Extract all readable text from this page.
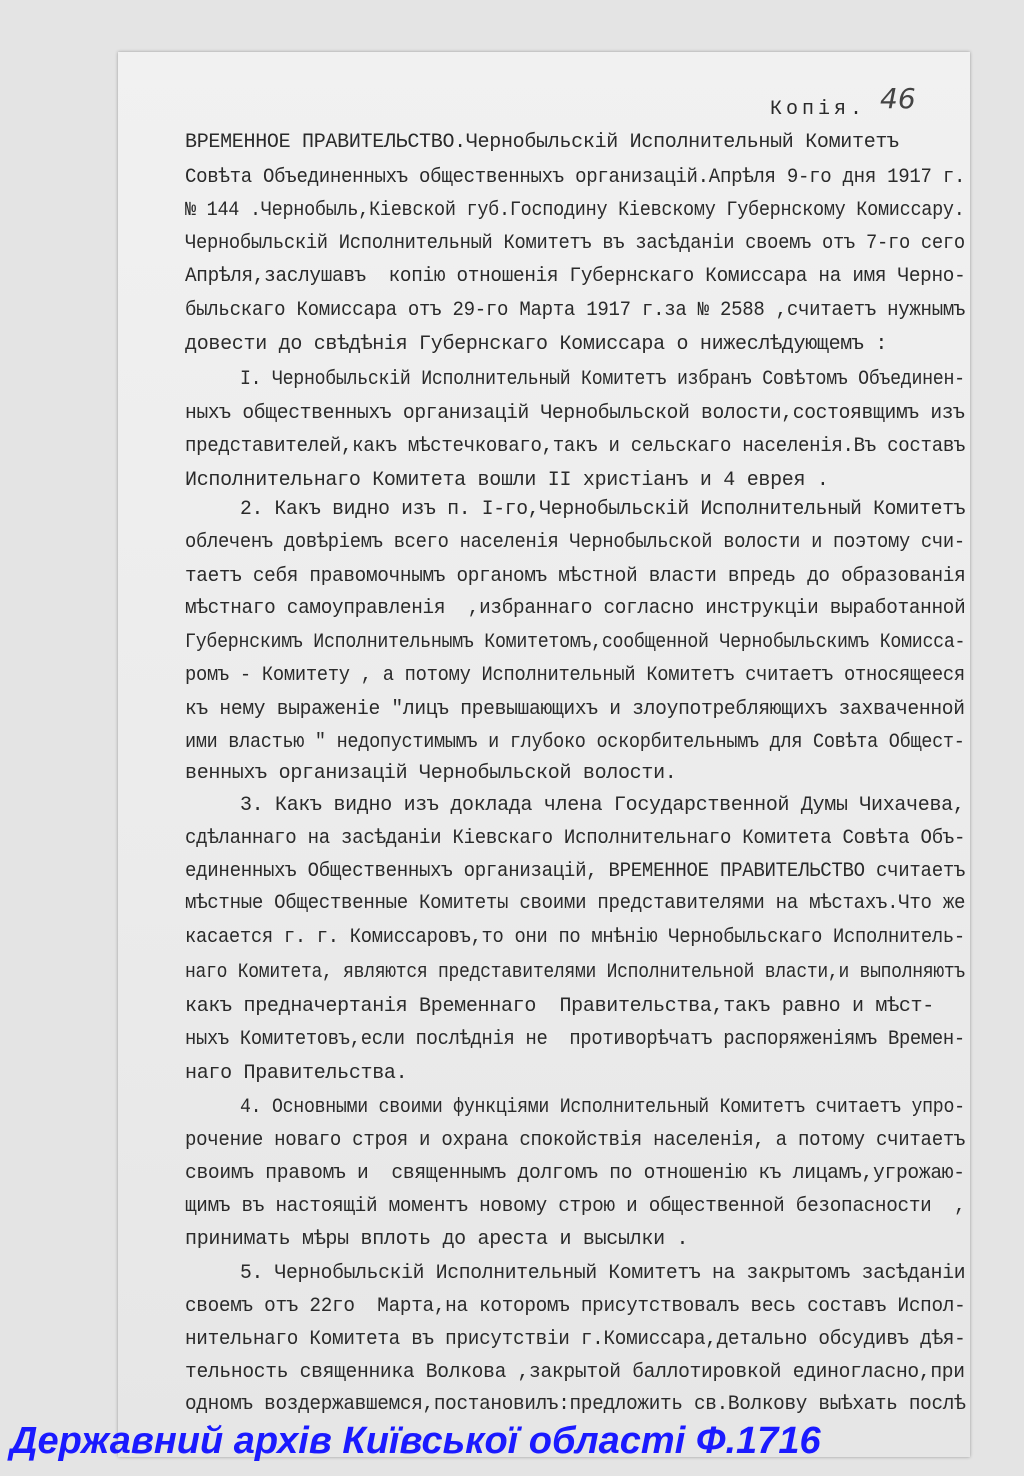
Копія. 46
ВРЕМЕННОЕ ПРАВИТЕЛЬСТВО.Чернобыльскій Исполнительный Комитетъ
Совѣта Объединенныхъ общественныхъ организацій.Апрѣля 9-го дня 1917 г.
№ 144 .Чернобыль,Кіевской губ.Господину Кіевскому Губернскому Комиссару.
Чернобыльскій Исполнительный Комитетъ въ засѣданіи своемъ отъ 7-го сего
Апрѣля,заслушавъ  копію отношенія Губернскаго Комиссара на имя Черно-
быльскаго Комиссара отъ 29-го Марта 1917 г.за № 2588 ,считаетъ нужнымъ
довести до свѣдѣнія Губернскаго Комиссара о нижеслѣдующемъ :
I. Чернобыльскій Исполнительный Комитетъ избранъ Совѣтомъ Объединен-
ныхъ общественныхъ организацій Чернобыльской волости,состоявщимъ изъ
представителей,какъ мѣстечковаго,такъ и сельскаго населенія.Въ составъ
Исполнительнаго Комитета вошли II христіанъ и 4 еврея .
2. Какъ видно изъ п. I-го,Чернобыльскій Исполнительный Комитетъ
облеченъ довѣріемъ всего населенія Чернобыльской волости и поэтому счи-
таетъ себя правомочнымъ органомъ мѣстной власти впредь до образованія
мѣстнаго самоуправленія  ,избраннаго согласно инструкціи выработанной
Губернскимъ Исполнительнымъ Комитетомъ,сообщенной Чернобыльскимъ Комисса-
ромъ - Комитету , а потому Исполнительный Комитетъ считаетъ относящееся
къ нему выраженіе "лицъ превышающихъ и злоупотребляющихъ захваченной
ими властью " недопустимымъ и глубоко оскорбительнымъ для Совѣта Общест-
венныхъ организацій Чернобыльской волости.
3. Какъ видно изъ доклада члена Государственной Думы Чихачева,
сдѣланнаго на засѣданіи Кіевскаго Исполнительнаго Комитета Совѣта Объ-
единенныхъ Общественныхъ организацій, ВРЕМЕННОЕ ПРАВИТЕЛЬСТВО считаетъ
мѣстные Общественные Комитеты своими представителями на мѣстахъ.Что же
касается г. г. Комиссаровъ,то они по мнѣнію Чернобыльскаго Исполнитель-
наго Комитета, являются представителями Исполнительной власти,и выполняютъ
какъ предначертанія Временнаго  Правительства,такъ равно и мѣст-
ныхъ Комитетовъ,если послѣднія не  противорѣчатъ распоряженіямъ Времен-
наго Правительства.
4. Основными своими функціями Исполнительный Комитетъ считаетъ упро-
рочение новаго строя и охрана спокойствія населенія, а потому считаетъ
своимъ правомъ и  священнымъ долгомъ по отношенію къ лицамъ,угрожаю-
щимъ въ настоящій моментъ новому строю и общественной безопасности  ,
принимать мѣры вплоть до ареста и высылки .
5. Чернобыльскій Исполнительный Комитетъ на закрытомъ засѣданіи
своемъ отъ 22го  Марта,на которомъ присутствовалъ весь составъ Испол-
нительнаго Комитета въ присутствіи г.Комиссара,детально обсудивъ дѣя-
тельность священника Волкова ,закрытой баллотировкой единогласно,при
одномъ воздержавшемся,постановилъ:предложить св.Волкову выѣхать послѣ
Державний архів Київської області Ф.1716
